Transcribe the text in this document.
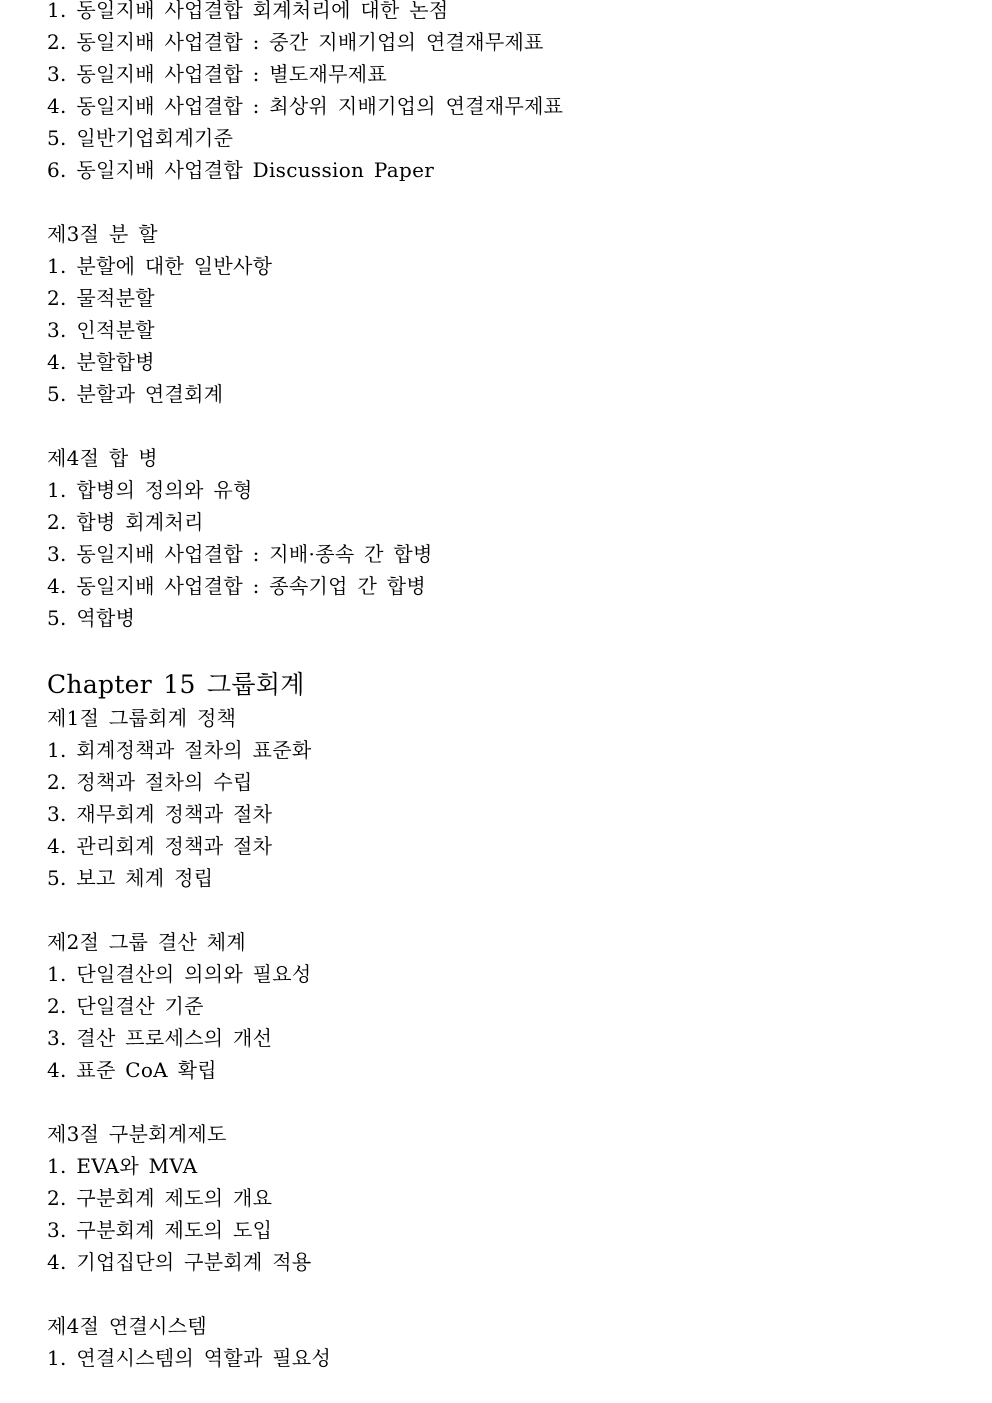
1. 동일지배 사업결합 회계처리에 대한 논점
2. 동일지배 사업결합 : 중간 지배기업의 연결재무제표
3. 동일지배 사업결합 : 별도재무제표
4. 동일지배 사업결합 : 최상위 지배기업의 연결재무제표
5. 일반기업회계기준
6. 동일지배 사업결합 Discussion Paper
제3절 분 할
1. 분할에 대한 일반사항
2. 물적분할
3. 인적분할
4. 분할합병
5. 분할과 연결회계
제4절 합 병
1. 합병의 정의와 유형
2. 합병 회계처리
3. 동일지배 사업결합 : 지배·종속 간 합병
4. 동일지배 사업결합 : 종속기업 간 합병
5. 역합병
Chapter 15 그룹회계
제1절 그룹회계 정책
1. 회계정책과 절차의 표준화
2. 정책과 절차의 수립
3. 재무회계 정책과 절차
4. 관리회계 정책과 절차
5. 보고 체계 정립
제2절 그룹 결산 체계
1. 단일결산의 의의와 필요성
2. 단일결산 기준
3. 결산 프로세스의 개선
4. 표준 CoA 확립
제3절 구분회계제도
1. EVA와 MVA
2. 구분회계 제도의 개요
3. 구분회계 제도의 도입
4. 기업집단의 구분회계 적용
제4절 연결시스템
1. 연결시스템의 역할과 필요성
